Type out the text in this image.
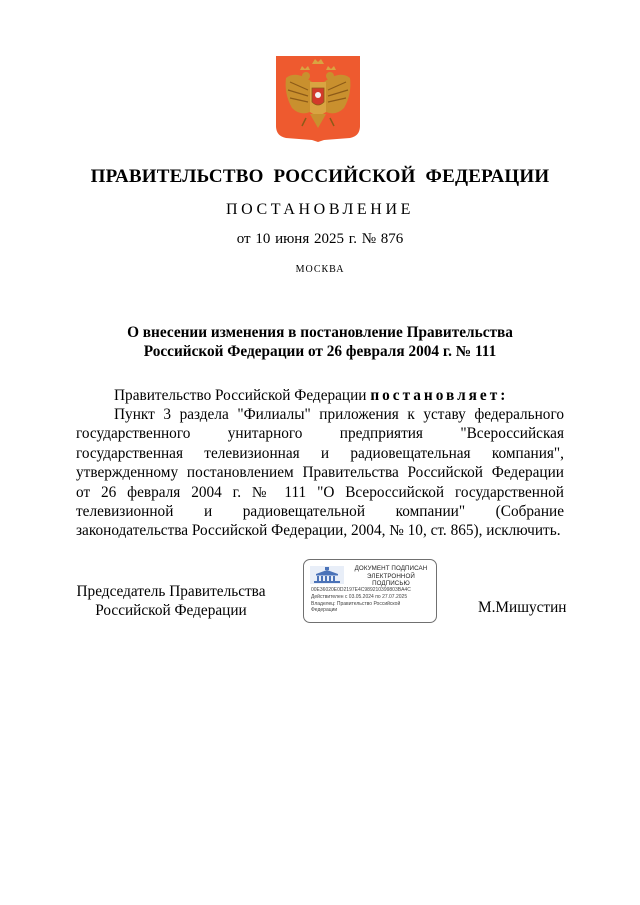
ПРАВИТЕЛЬСТВО РОССИЙСКОЙ ФЕДЕРАЦИИ
ПОСТАНОВЛЕНИЕ
от 10 июня 2025 г. № 876
МОСКВА
О внесении изменения в постановление Правительства
Российской Федерации от 26 февраля 2004 г. № 111
Правительство Российской Федерации постановляет:
Пункт 3 раздела "Филиалы" приложения к уставу федерального
государственного унитарного предприятия "Всероссийская
государственная телевизионная и радиовещательная компания",
утвержденному постановлением Правительства Российской Федерации
от 26 февраля 2004 г. № 111 "О Всероссийской государственной
телевизионной и радиовещательной компании" (Собрание
законодательства Российской Федерации, 2004, № 10, ст. 865), исключить.
Председатель Правительства
Российской Федерации
ДОКУМЕНТ ПОДПИСАН
ЭЛЕКТРОННОЙ ПОДПИСЬЮ
00E36020E0D2197E4C989210399803BA4C
Действителен с 03.05.2024 по 27.07.2025
Владелец: Правительство Российской
Федерации	М.Мишустин
